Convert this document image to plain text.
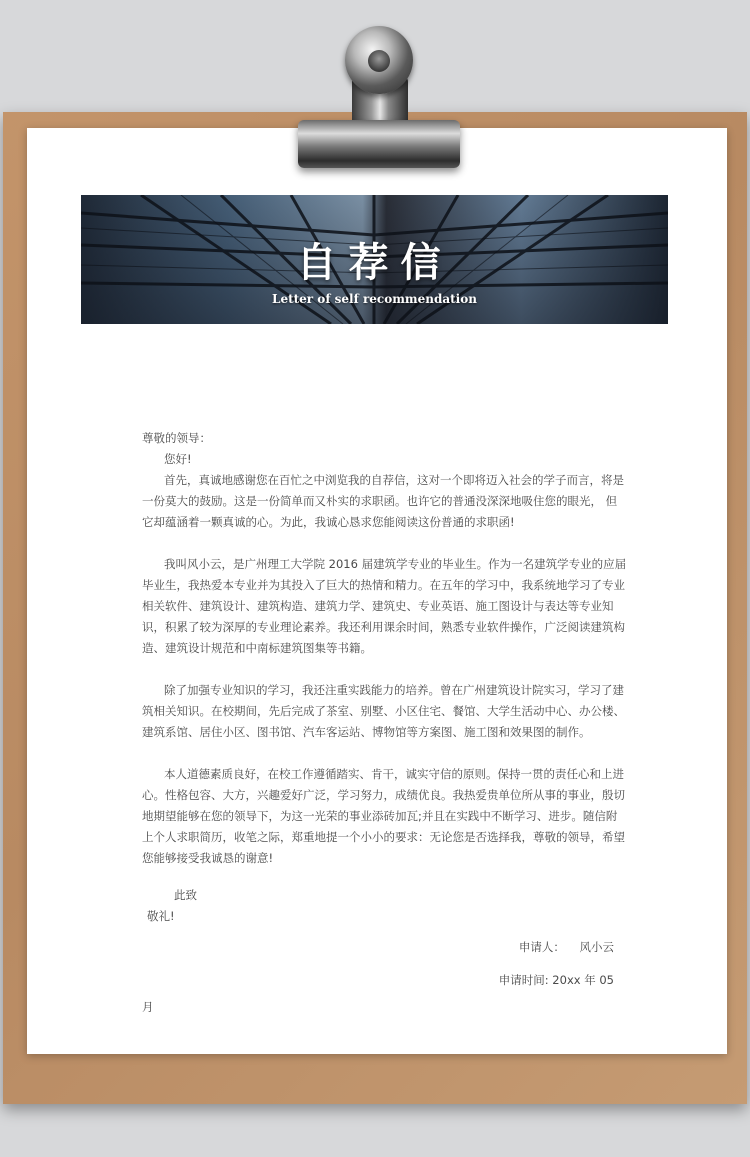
自荐信
Letter of self recommendation

尊敬的领导：

您好!

首先，真诚地感谢您在百忙之中浏览我的自荐信，这对一个即将迈入社会的学子而言，将是一份莫大的鼓励。这是一份简单而又朴实的求职函。也许它的普通没深深地吸住您的眼光， 但它却蕴涵着一颗真诚的心。为此，我诚心恳求您能阅读这份普通的求职函!

我叫风小云，是广州理工大学院 2016 届建筑学专业的毕业生。作为一名建筑学专业的应届毕业生，我热爱本专业并为其投入了巨大的热情和精力。在五年的学习中，我系统地学习了专业相关软件、建筑设计、建筑构造、建筑力学、建筑史、专业英语、施工图设计与表达等专业知识，积累了较为深厚的专业理论素养。我还利用课余时间，熟悉专业软件操作，广泛阅读建筑构造、建筑设计规范和中南标建筑图集等书籍。

除了加强专业知识的学习，我还注重实践能力的培养。曾在广州建筑设计院实习，学习了建筑相关知识。在校期间，先后完成了茶室、别墅、小区住宅、餐馆、大学生活动中心、办公楼、建筑系馆、居住小区、图书馆、汽车客运站、博物馆等方案图、施工图和效果图的制作。

本人道德素质良好，在校工作遵循踏实、肯干，诚实守信的原则。保持一贯的责任心和上进心。性格包容、大方，兴趣爱好广泛，学习努力，成绩优良。我热爱贵单位所从事的事业，殷切地期望能够在您的领导下，为这一光荣的事业添砖加瓦;并且在实践中不断学习、进步。随信附上个人求职简历，收笔之际，郑重地提一个小小的要求：无论您是否选择我，尊敬的领导，希望您能够接受我诚恳的谢意!

此致

敬礼!

申请人：    风小云

申请时间: 20xx 年 05

月
